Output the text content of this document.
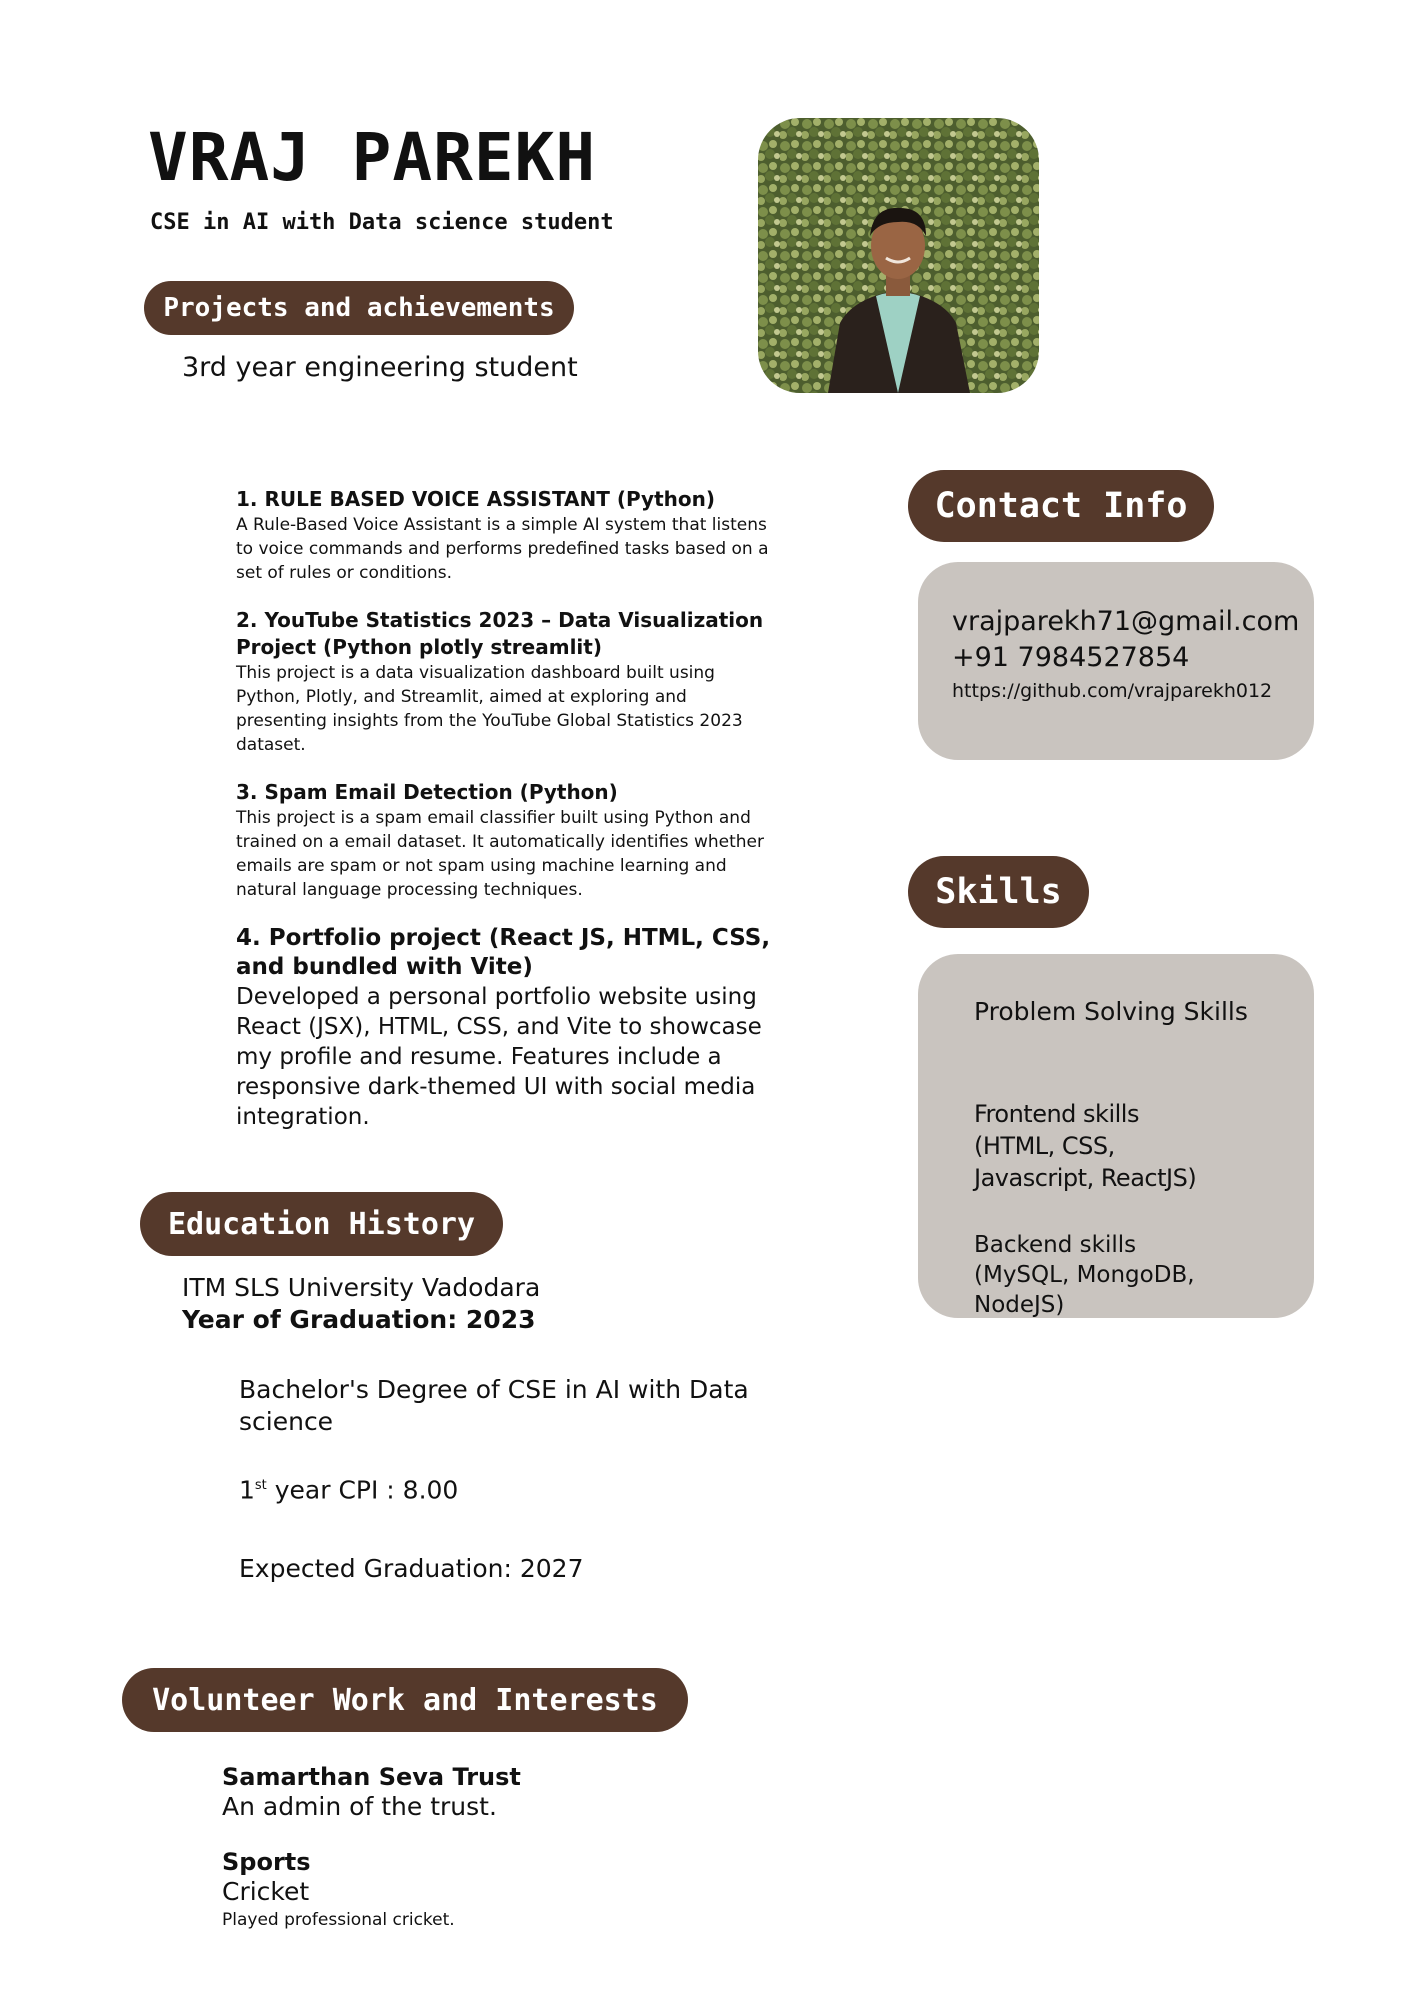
VRAJ PAREKH
CSE in AI with Data science student
Projects and achievements
3rd year engineering student

1. RULE BASED VOICE ASSISTANT (Python)

A Rule-Based Voice Assistant is a simple AI system that listens to voice commands and performs predefined tasks based on a set of rules or conditions.

2. YouTube Statistics 2023 – Data Visualization Project (Python plotly streamlit)

This project is a data visualization dashboard built using Python, Plotly, and Streamlit, aimed at exploring and presenting insights from the YouTube Global Statistics 2023 dataset.

3. Spam Email Detection (Python)

This project is a spam email classifier built using Python and trained on a email dataset. It automatically identifies whether emails are spam or not spam using machine learning and natural language processing techniques.

4. Portfolio project (React JS, HTML, CSS, and bundled with Vite)

Developed a personal portfolio website using React (JSX), HTML, CSS, and Vite to showcase my profile and resume. Features include a responsive dark-themed UI with social media integration.

Contact Info
vrajparekh71@gmail.com
+91 7984527854
https://github.com/vrajparekh012
Skills
Problem Solving Skills
Frontend skills (HTML, CSS, Javascript, ReactJS)
Backend skills (MySQL, MongoDB, NodeJS)
Education History
ITM SLS University Vadodara
Year of Graduation: 2023
Bachelor's Degree of CSE in AI with Data science
1st year CPI : 8.00
Expected Graduation: 2027
Volunteer Work and Interests
Samarthan Seva Trust
An admin of the trust.
Sports
Cricket
Played professional cricket.
